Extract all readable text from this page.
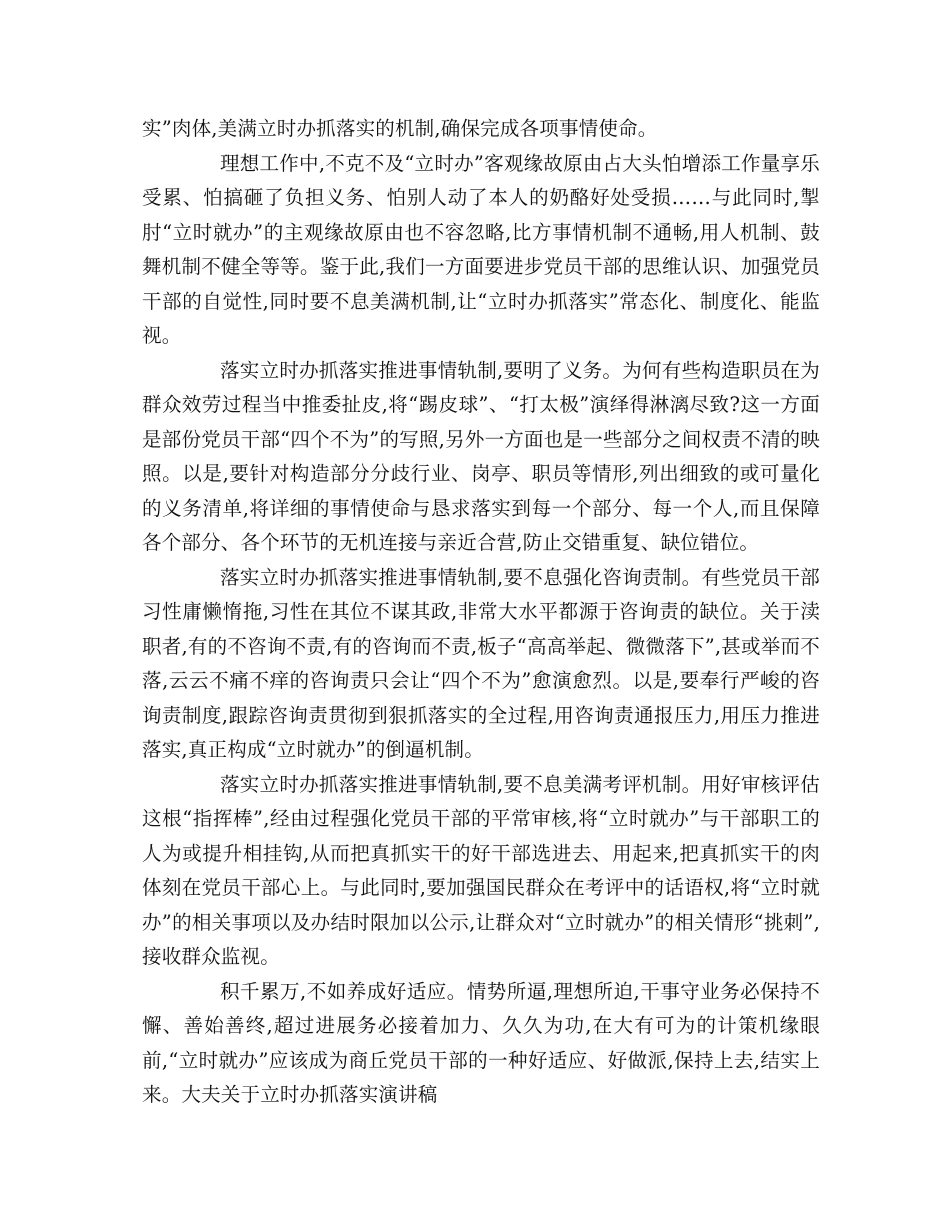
实”肉体,美满立时办抓落实的机制,确保完成各项事情使命。

理想工作中,不克不及“立时办”客观缘故原由占大头怕增添工作量享乐受累、怕搞砸了负担义务、怕别人动了本人的奶酪好处受损……与此同时,掣肘“立时就办”的主观缘故原由也不容忽略,比方事情机制不通畅,用人机制、鼓舞机制不健全等等。鉴于此,我们一方面要进步党员干部的思维认识、加强党员干部的自觉性,同时要不息美满机制,让“立时办抓落实”常态化、制度化、能监视。

落实立时办抓落实推进事情轨制,要明了义务。为何有些构造职员在为群众效劳过程当中推委扯皮,将“踢皮球”、“打太极”演绎得淋漓尽致?这一方面是部份党员干部“四个不为”的写照,另外一方面也是一些部分之间权责不清的映照。以是,要针对构造部分分歧行业、岗亭、职员等情形,列出细致的或可量化的义务清单,将详细的事情使命与恳求落实到每一个部分、每一个人,而且保障各个部分、各个环节的无机连接与亲近合营,防止交错重复、缺位错位。

落实立时办抓落实推进事情轨制,要不息强化咨询责制。有些党员干部习性庸懒惰拖,习性在其位不谋其政,非常大水平都源于咨询责的缺位。关于渎职者,有的不咨询不责,有的咨询而不责,板子“高高举起、微微落下”,甚或举而不落,云云不痛不痒的咨询责只会让“四个不为”愈演愈烈。以是,要奉行严峻的咨询责制度,跟踪咨询责贯彻到狠抓落实的全过程,用咨询责通报压力,用压力推进落实,真正构成“立时就办”的倒逼机制。

落实立时办抓落实推进事情轨制,要不息美满考评机制。用好审核评估这根“指挥棒”,经由过程强化党员干部的平常审核,将“立时就办”与干部职工的人为或提升相挂钩,从而把真抓实干的好干部选进去、用起来,把真抓实干的肉体刻在党员干部心上。与此同时,要加强国民群众在考评中的话语权,将“立时就办”的相关事项以及办结时限加以公示,让群众对“立时就办”的相关情形“挑刺”,接收群众监视。

积千累万,不如养成好适应。情势所逼,理想所迫,干事守业务必保持不懈、善始善终,超过进展务必接着加力、久久为功,在大有可为的计策机缘眼前,“立时就办”应该成为商丘党员干部的一种好适应、好做派,保持上去,结实上来。大夫关于立时办抓落实演讲稿
